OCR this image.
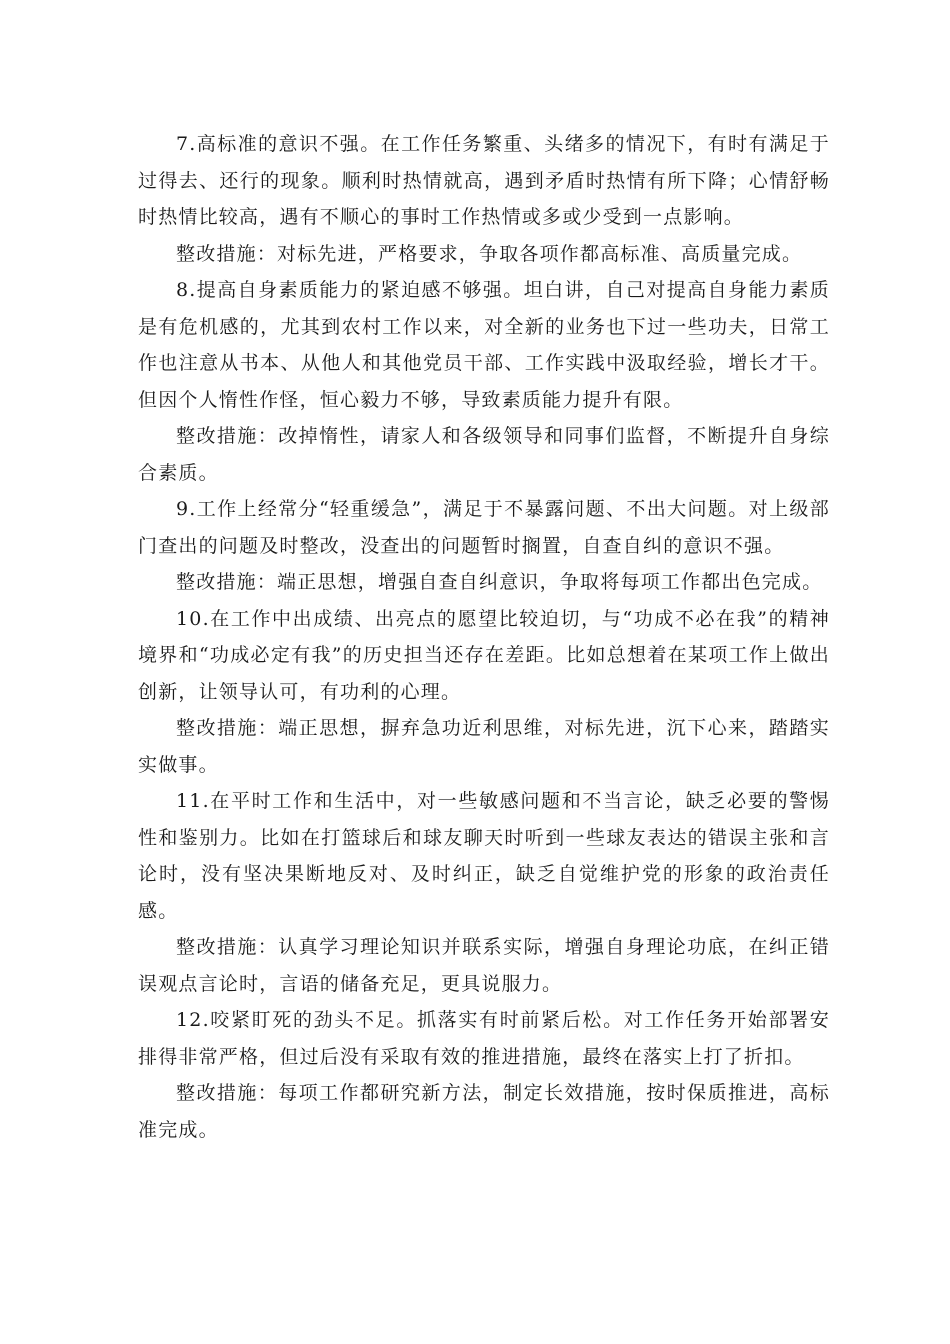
7.高标准的意识不强。在工作任务繁重、头绪多的情况下，有时有满足于过得去、还行的现象。顺利时热情就高，遇到矛盾时热情有所下降；心情舒畅时热情比较高，遇有不顺心的事时工作热情或多或少受到一点影响。

整改措施：对标先进，严格要求，争取各项作都高标准、高质量完成。

8.提高自身素质能力的紧迫感不够强。坦白讲，自己对提高自身能力素质是有危机感的，尤其到农村工作以来，对全新的业务也下过一些功夫，日常工作也注意从书本、从他人和其他党员干部、工作实践中汲取经验，增长才干。但因个人惰性作怪，恒心毅力不够，导致素质能力提升有限。

整改措施：改掉惰性，请家人和各级领导和同事们监督，不断提升自身综合素质。

9.工作上经常分“轻重缓急”，满足于不暴露问题、不出大问题。对上级部门查出的问题及时整改，没查出的问题暂时搁置，自查自纠的意识不强。

整改措施：端正思想，增强自查自纠意识，争取将每项工作都出色完成。

10.在工作中出成绩、出亮点的愿望比较迫切，与“功成不必在我”的精神境界和“功成必定有我”的历史担当还存在差距。比如总想着在某项工作上做出创新，让领导认可，有功利的心理。

整改措施：端正思想，摒弃急功近利思维，对标先进，沉下心来，踏踏实实做事。

11.在平时工作和生活中，对一些敏感问题和不当言论，缺乏必要的警惕性和鉴别力。比如在打篮球后和球友聊天时听到一些球友表达的错误主张和言论时，没有坚决果断地反对、及时纠正，缺乏自觉维护党的形象的政治责任感。

整改措施：认真学习理论知识并联系实际，增强自身理论功底，在纠正错误观点言论时，言语的储备充足，更具说服力。

12.咬紧盯死的劲头不足。抓落实有时前紧后松。对工作任务开始部署安排得非常严格，但过后没有采取有效的推进措施，最终在落实上打了折扣。

整改措施：每项工作都研究新方法，制定长效措施，按时保质推进，高标准完成。
